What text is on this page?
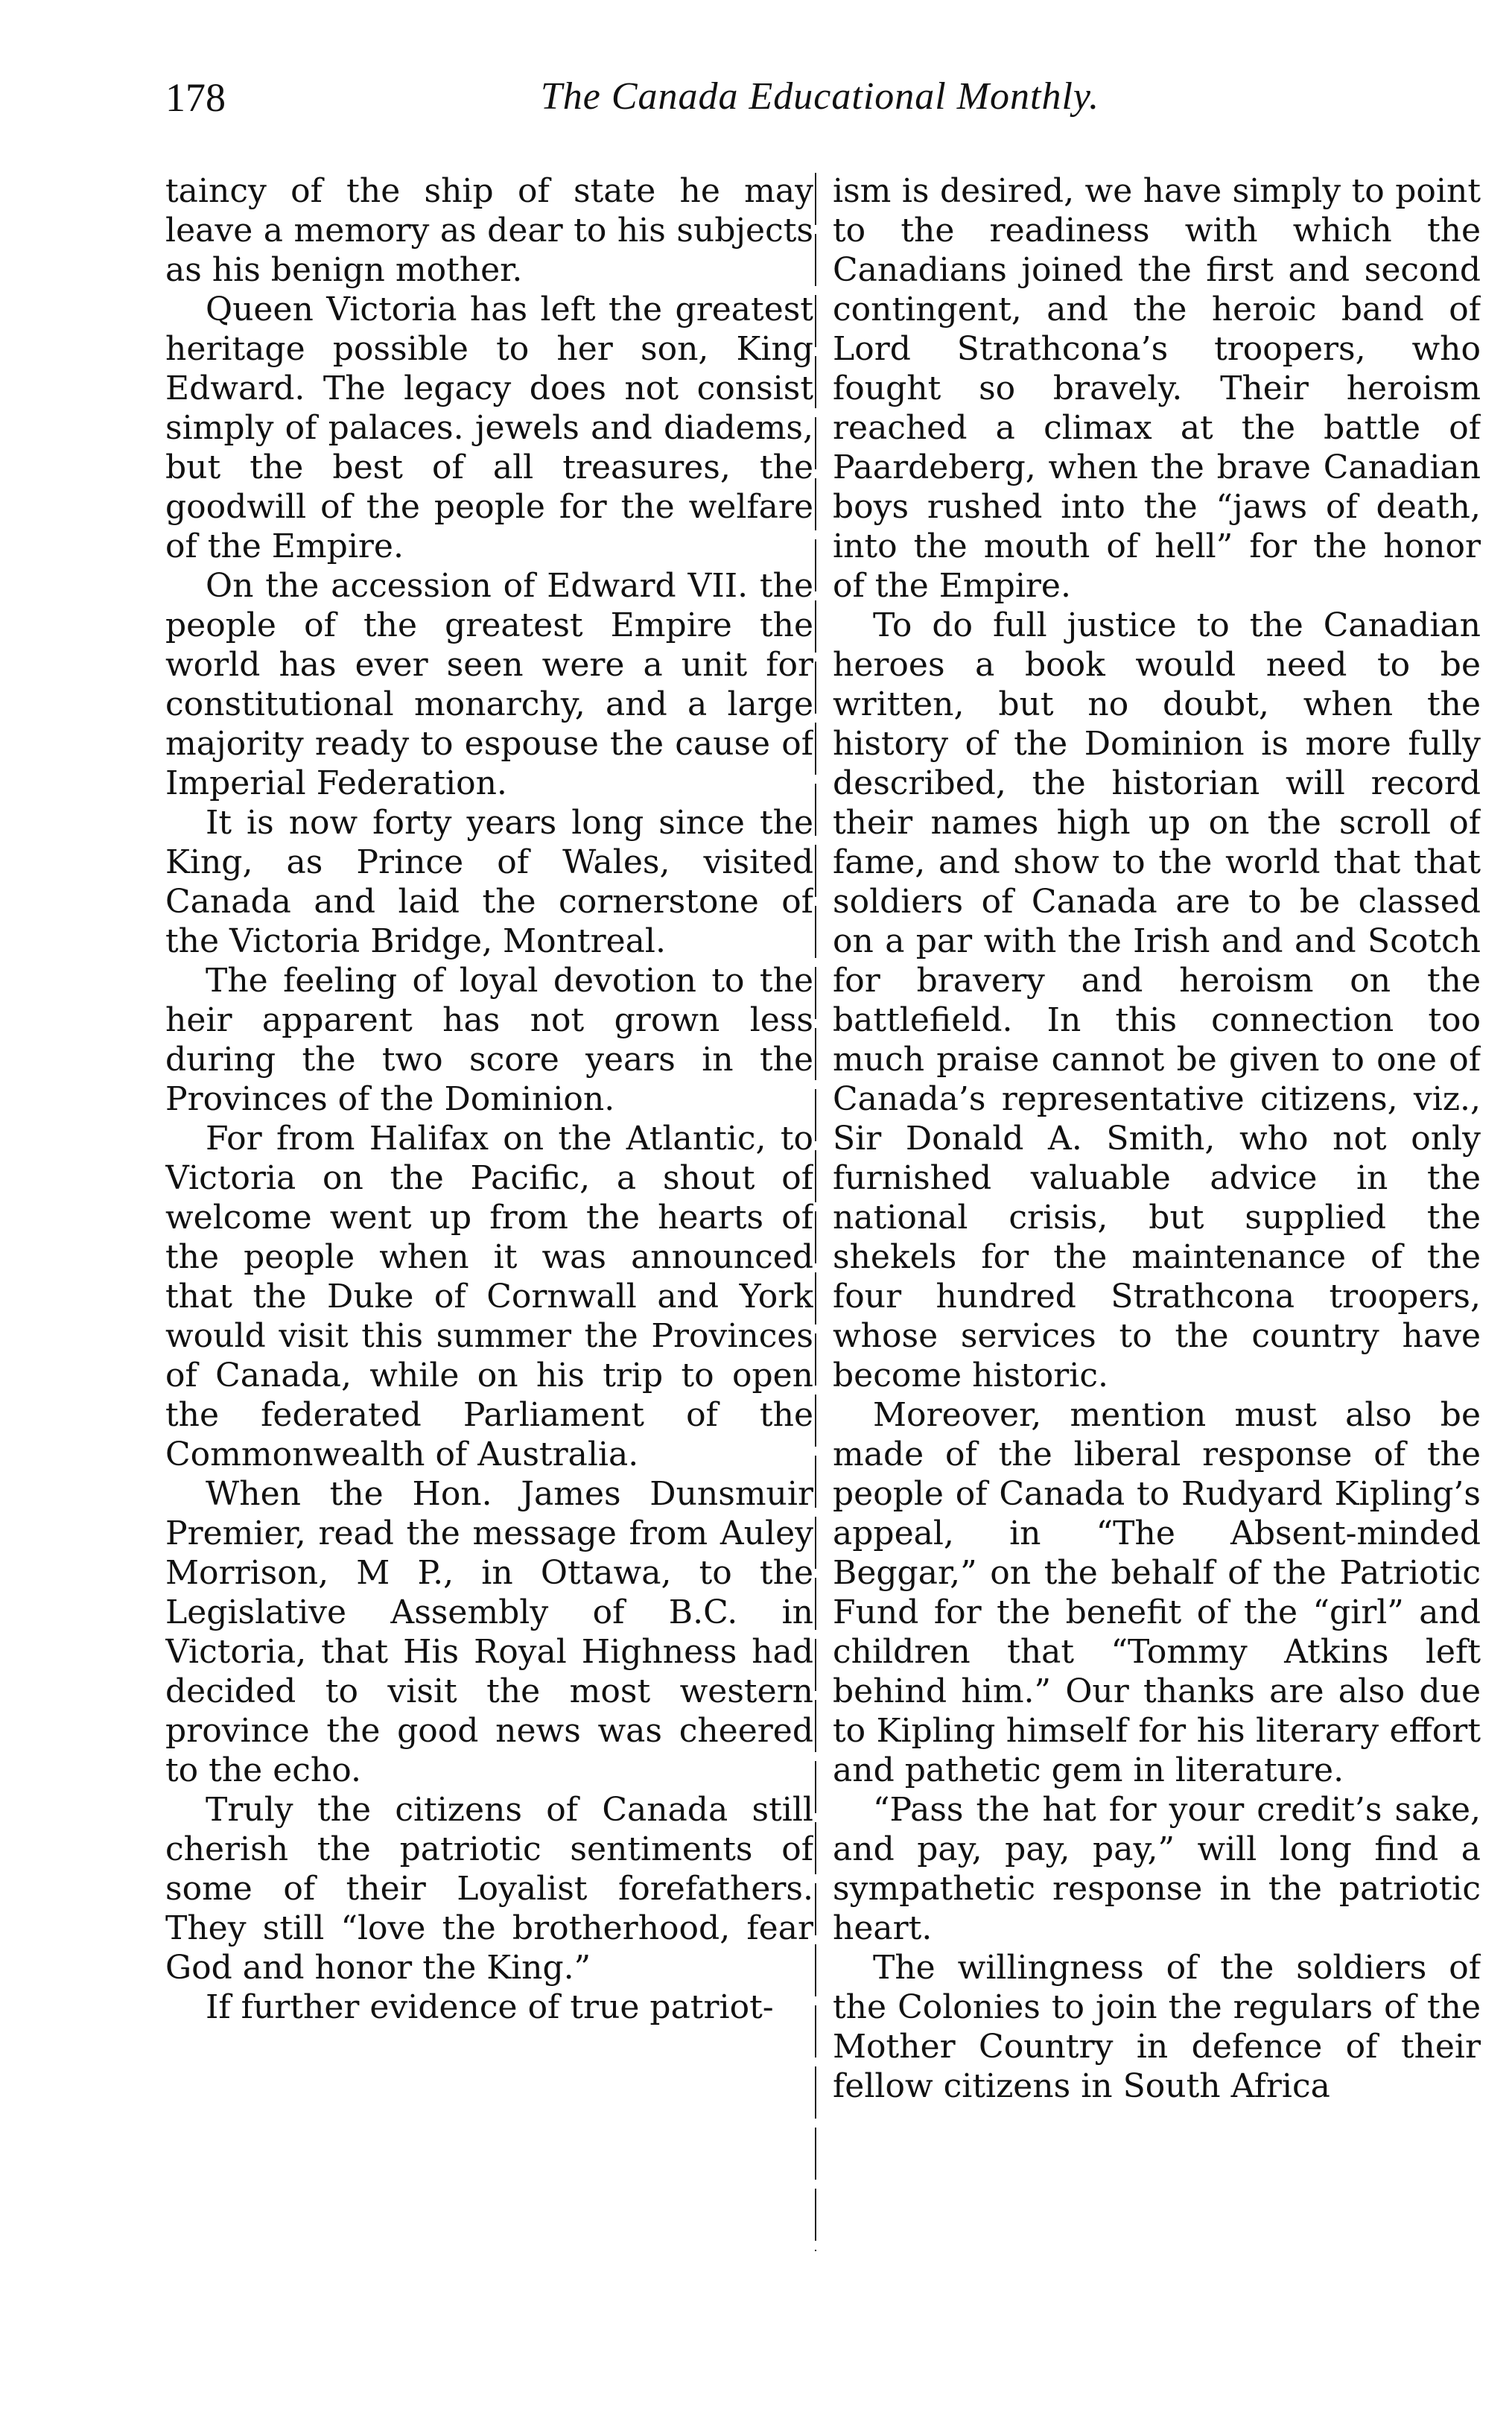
178	The Canada Educational Monthly.

taincy of the ship of state he may leave a memory as dear to his subjects as his benign mother.

Queen Victoria has left the greatest heritage possible to her son, King Edward. The legacy does not consist simply of palaces. jewels and diadems, but the best of all treasures, the goodwill of the people for the welfare of the Empire.

On the accession of Edward VII. the people of the greatest Empire the world has ever seen were a unit for constitutional monarchy, and a large majority ready to espouse the cause of Imperial Federation.

It is now forty years long since the King, as Prince of Wales, visited Canada and laid the cornerstone of the Victoria Bridge, Montreal.

The feeling of loyal devotion to the heir apparent has not grown less during the two score years in the Provinces of the Dominion.

For from Halifax on the Atlantic, to Victoria on the Pacific, a shout of welcome went up from the hearts of the people when it was announced that the Duke of Cornwall and York would visit this summer the Provinces of Canada, while on his trip to open the federated Parliament of the Commonwealth of Australia.

When the Hon. James Dunsmuir Premier, read the message from Auley Morrison, M P., in Ottawa, to the Legislative Assembly of B.C. in Victoria, that His Royal Highness had decided to visit the most western province the good news was cheered to the echo.

Truly the citizens of Canada still cherish the patriotic sentiments of some of their Loyalist forefathers. They still “love the brotherhood, fear God and honor the King.”

If further evidence of true patriot-

ism is desired, we have simply to point to the readiness with which the Canadians joined the first and second contingent, and the heroic band of Lord Strathcona’s troopers, who fought so bravely. Their heroism reached a climax at the battle of Paardeberg, when the brave Canadian boys rushed into the “jaws of death, into the mouth of hell” for the honor of the Empire.

To do full justice to the Canadian heroes a book would need to be written, but no doubt, when the history of the Dominion is more fully described, the historian will record their names high up on the scroll of fame, and show to the world that that soldiers of Canada are to be classed on a par with the Irish and and Scotch for bravery and heroism on the battlefield. In this connection too much praise cannot be given to one of Canada’s representative citizens, viz., Sir Donald A. Smith, who not only furnished valuable advice in the national crisis, but supplied the shekels for the maintenance of the four hundred Strathcona troopers, whose services to the country have become historic.

Moreover, mention must also be made of the liberal response of the people of Canada to Rudyard Kipling’s appeal, in “The Absent-minded Beggar,” on the behalf of the Patriotic Fund for the benefit of the “girl” and children that “Tommy Atkins left behind him.” Our thanks are also due to Kipling himself for his literary effort and pathetic gem in literature.

“Pass the hat for your credit’s sake, and pay, pay, pay,” will long find a sympathetic response in the patriotic heart.

The willingness of the soldiers of the Colonies to join the regulars of the Mother Country in defence of their fellow citizens in South Africa
